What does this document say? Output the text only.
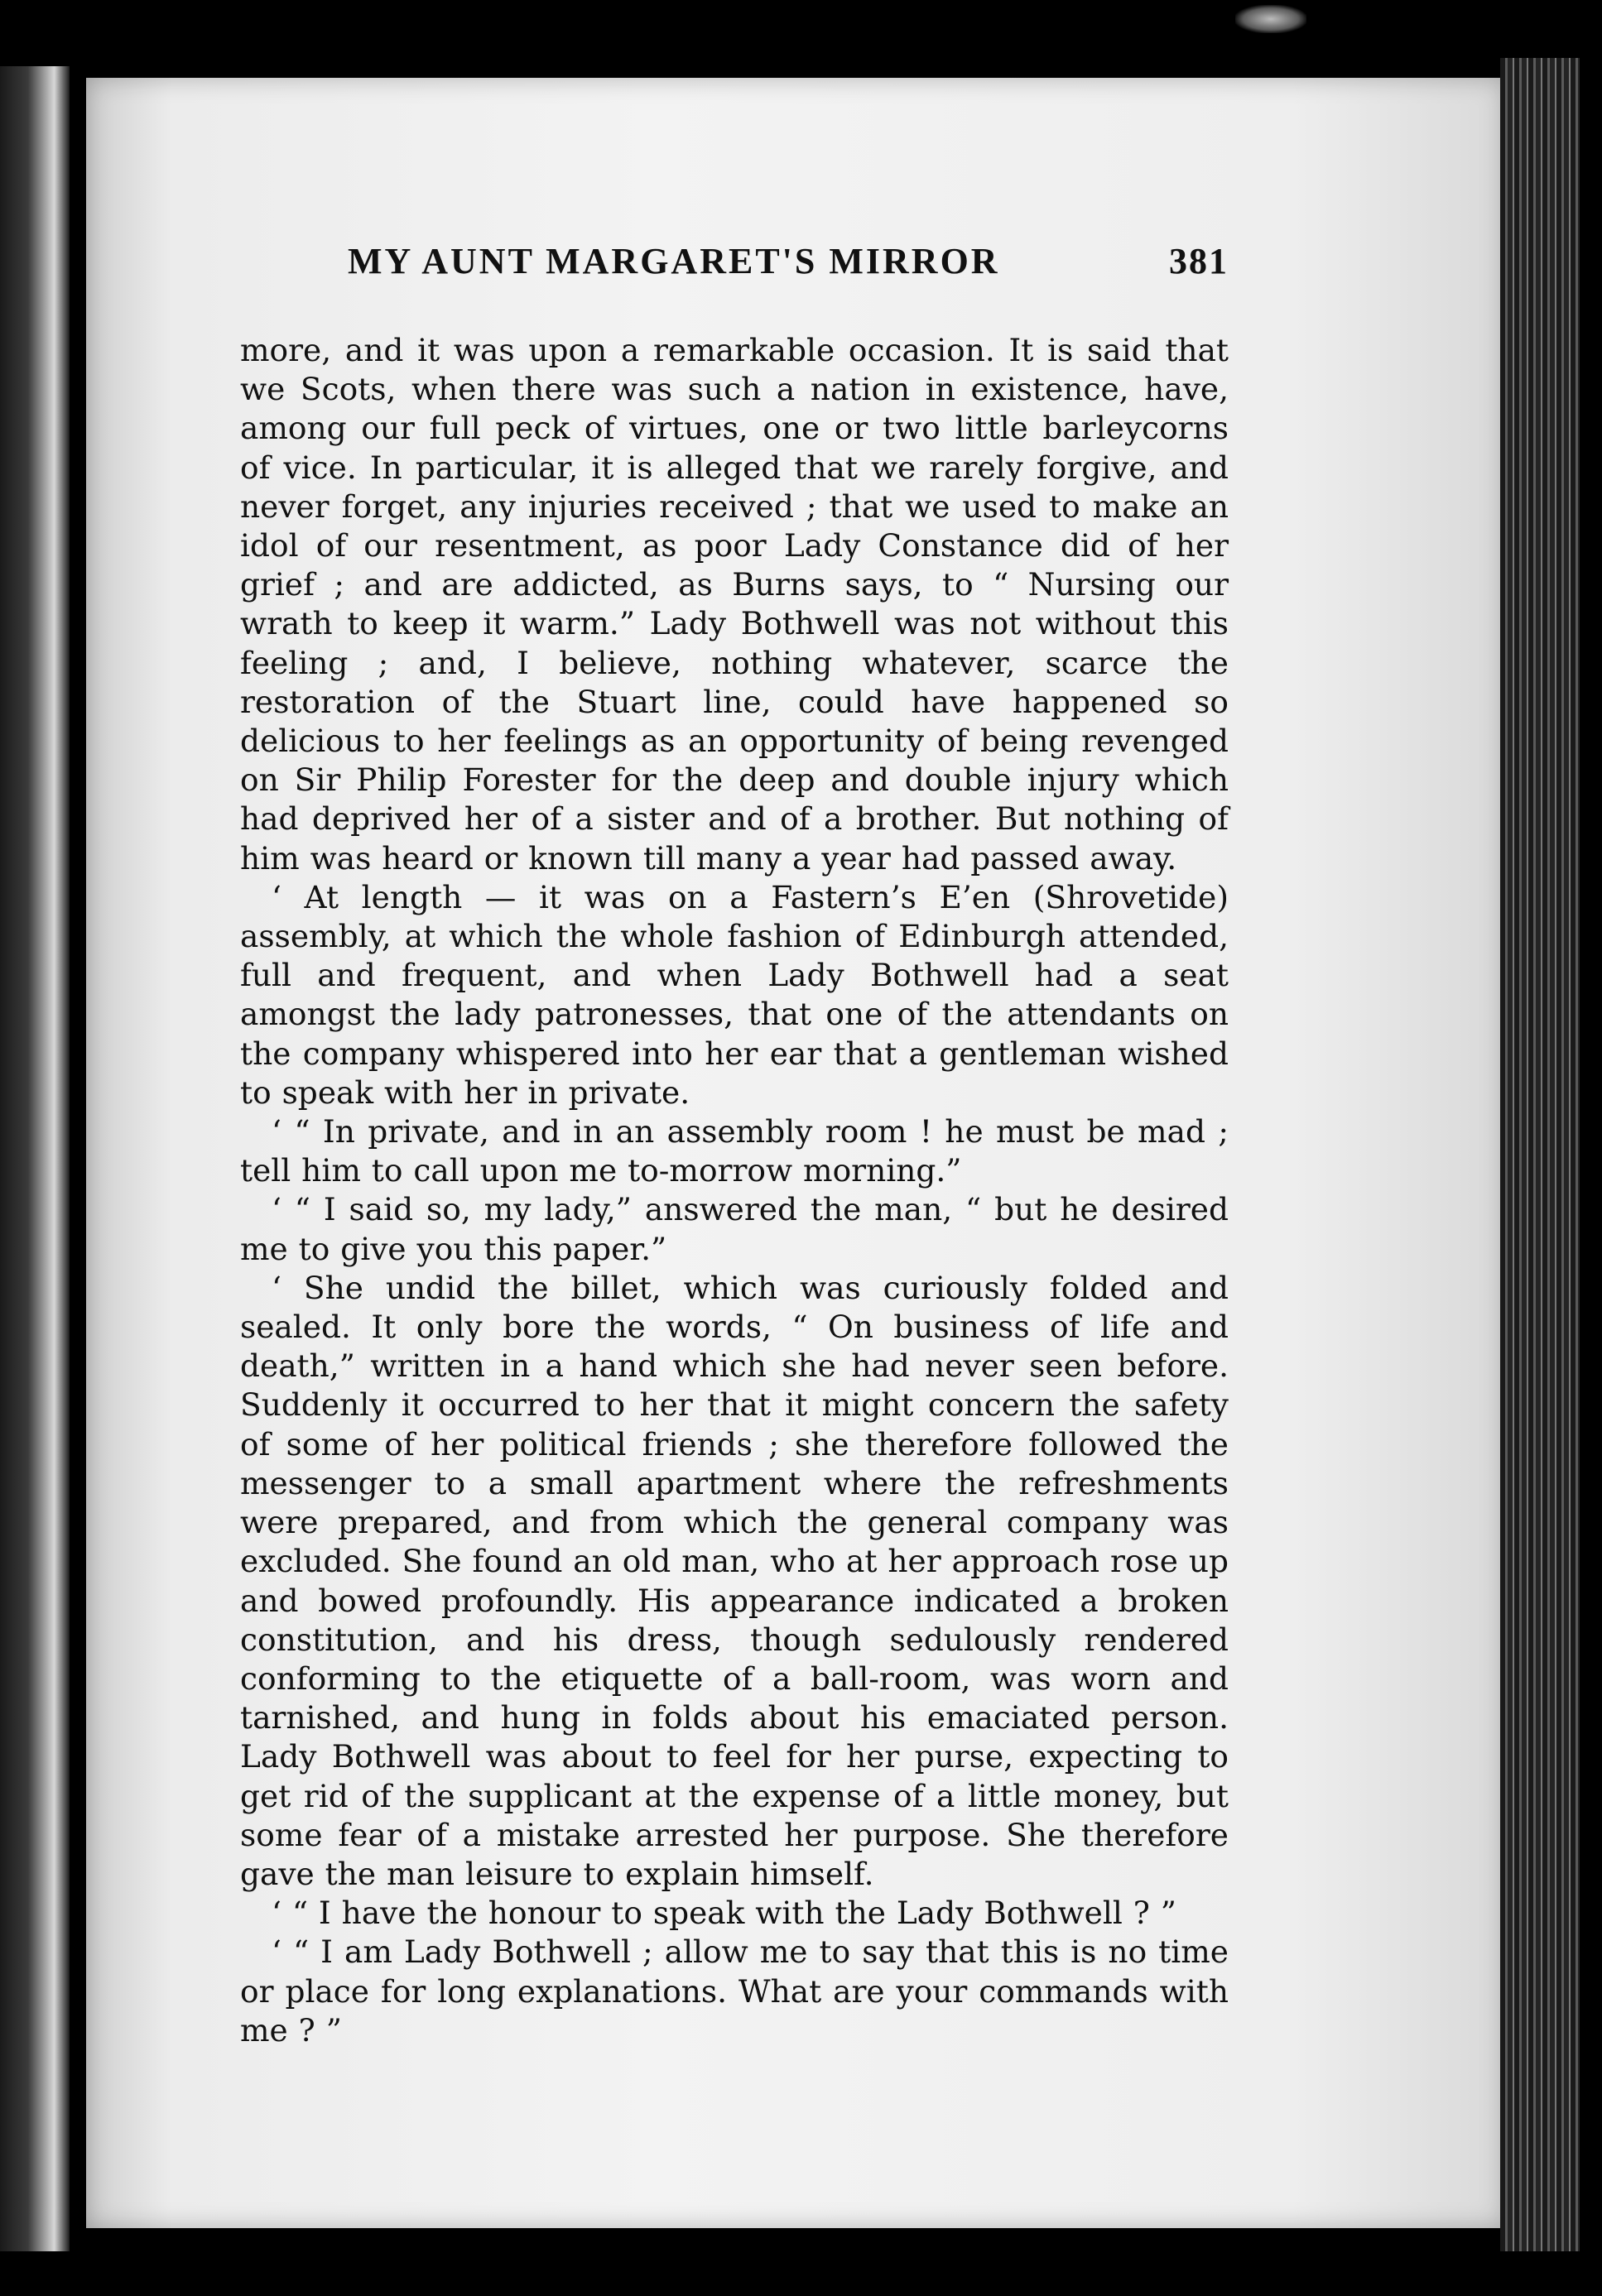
MY AUNT MARGARET'S MIRROR	381

more, and it was upon a remarkable occasion. It is said that we Scots, when there was such a nation in existence, have, among our full peck of virtues, one or two little barleycorns of vice. In particular, it is alleged that we rarely forgive, and never forget, any injuries received ; that we used to make an idol of our resentment, as poor Lady Constance did of her grief ; and are addicted, as Burns says, to “ Nursing our wrath to keep it warm.” Lady Bothwell was not without this feeling ; and, I believe, nothing whatever, scarce the restoration of the Stuart line, could have happened so delicious to her feelings as an opportunity of being revenged on Sir Philip Forester for the deep and double injury which had deprived her of a sister and of a brother. But nothing of him was heard or known till many a year had passed away.

‘ At length — it was on a Fastern’s E’en (Shrovetide) assembly, at which the whole fashion of Edinburgh attended, full and frequent, and when Lady Bothwell had a seat amongst the lady patronesses, that one of the attendants on the company whispered into her ear that a gentleman wished to speak with her in private.

‘ “ In private, and in an assembly room ! he must be mad ; tell him to call upon me to-morrow morning.”

‘ “ I said so, my lady,” answered the man, “ but he desired me to give you this paper.”

‘ She undid the billet, which was curiously folded and sealed. It only bore the words, “ On business of life and death,” written in a hand which she had never seen before. Suddenly it occurred to her that it might concern the safety of some of her political friends ; she therefore followed the messenger to a small apartment where the refreshments were prepared, and from which the general company was excluded. She found an old man, who at her approach rose up and bowed profoundly. His appearance indicated a broken constitution, and his dress, though sedulously rendered conforming to the etiquette of a ball-room, was worn and tarnished, and hung in folds about his emaciated person. Lady Bothwell was about to feel for her purse, expecting to get rid of the supplicant at the expense of a little money, but some fear of a mistake arrested her purpose. She therefore gave the man leisure to explain himself.

‘ “ I have the honour to speak with the Lady Bothwell ? ”

‘ “ I am Lady Bothwell ; allow me to say that this is no time or place for long explanations. What are your commands with me ? ”
